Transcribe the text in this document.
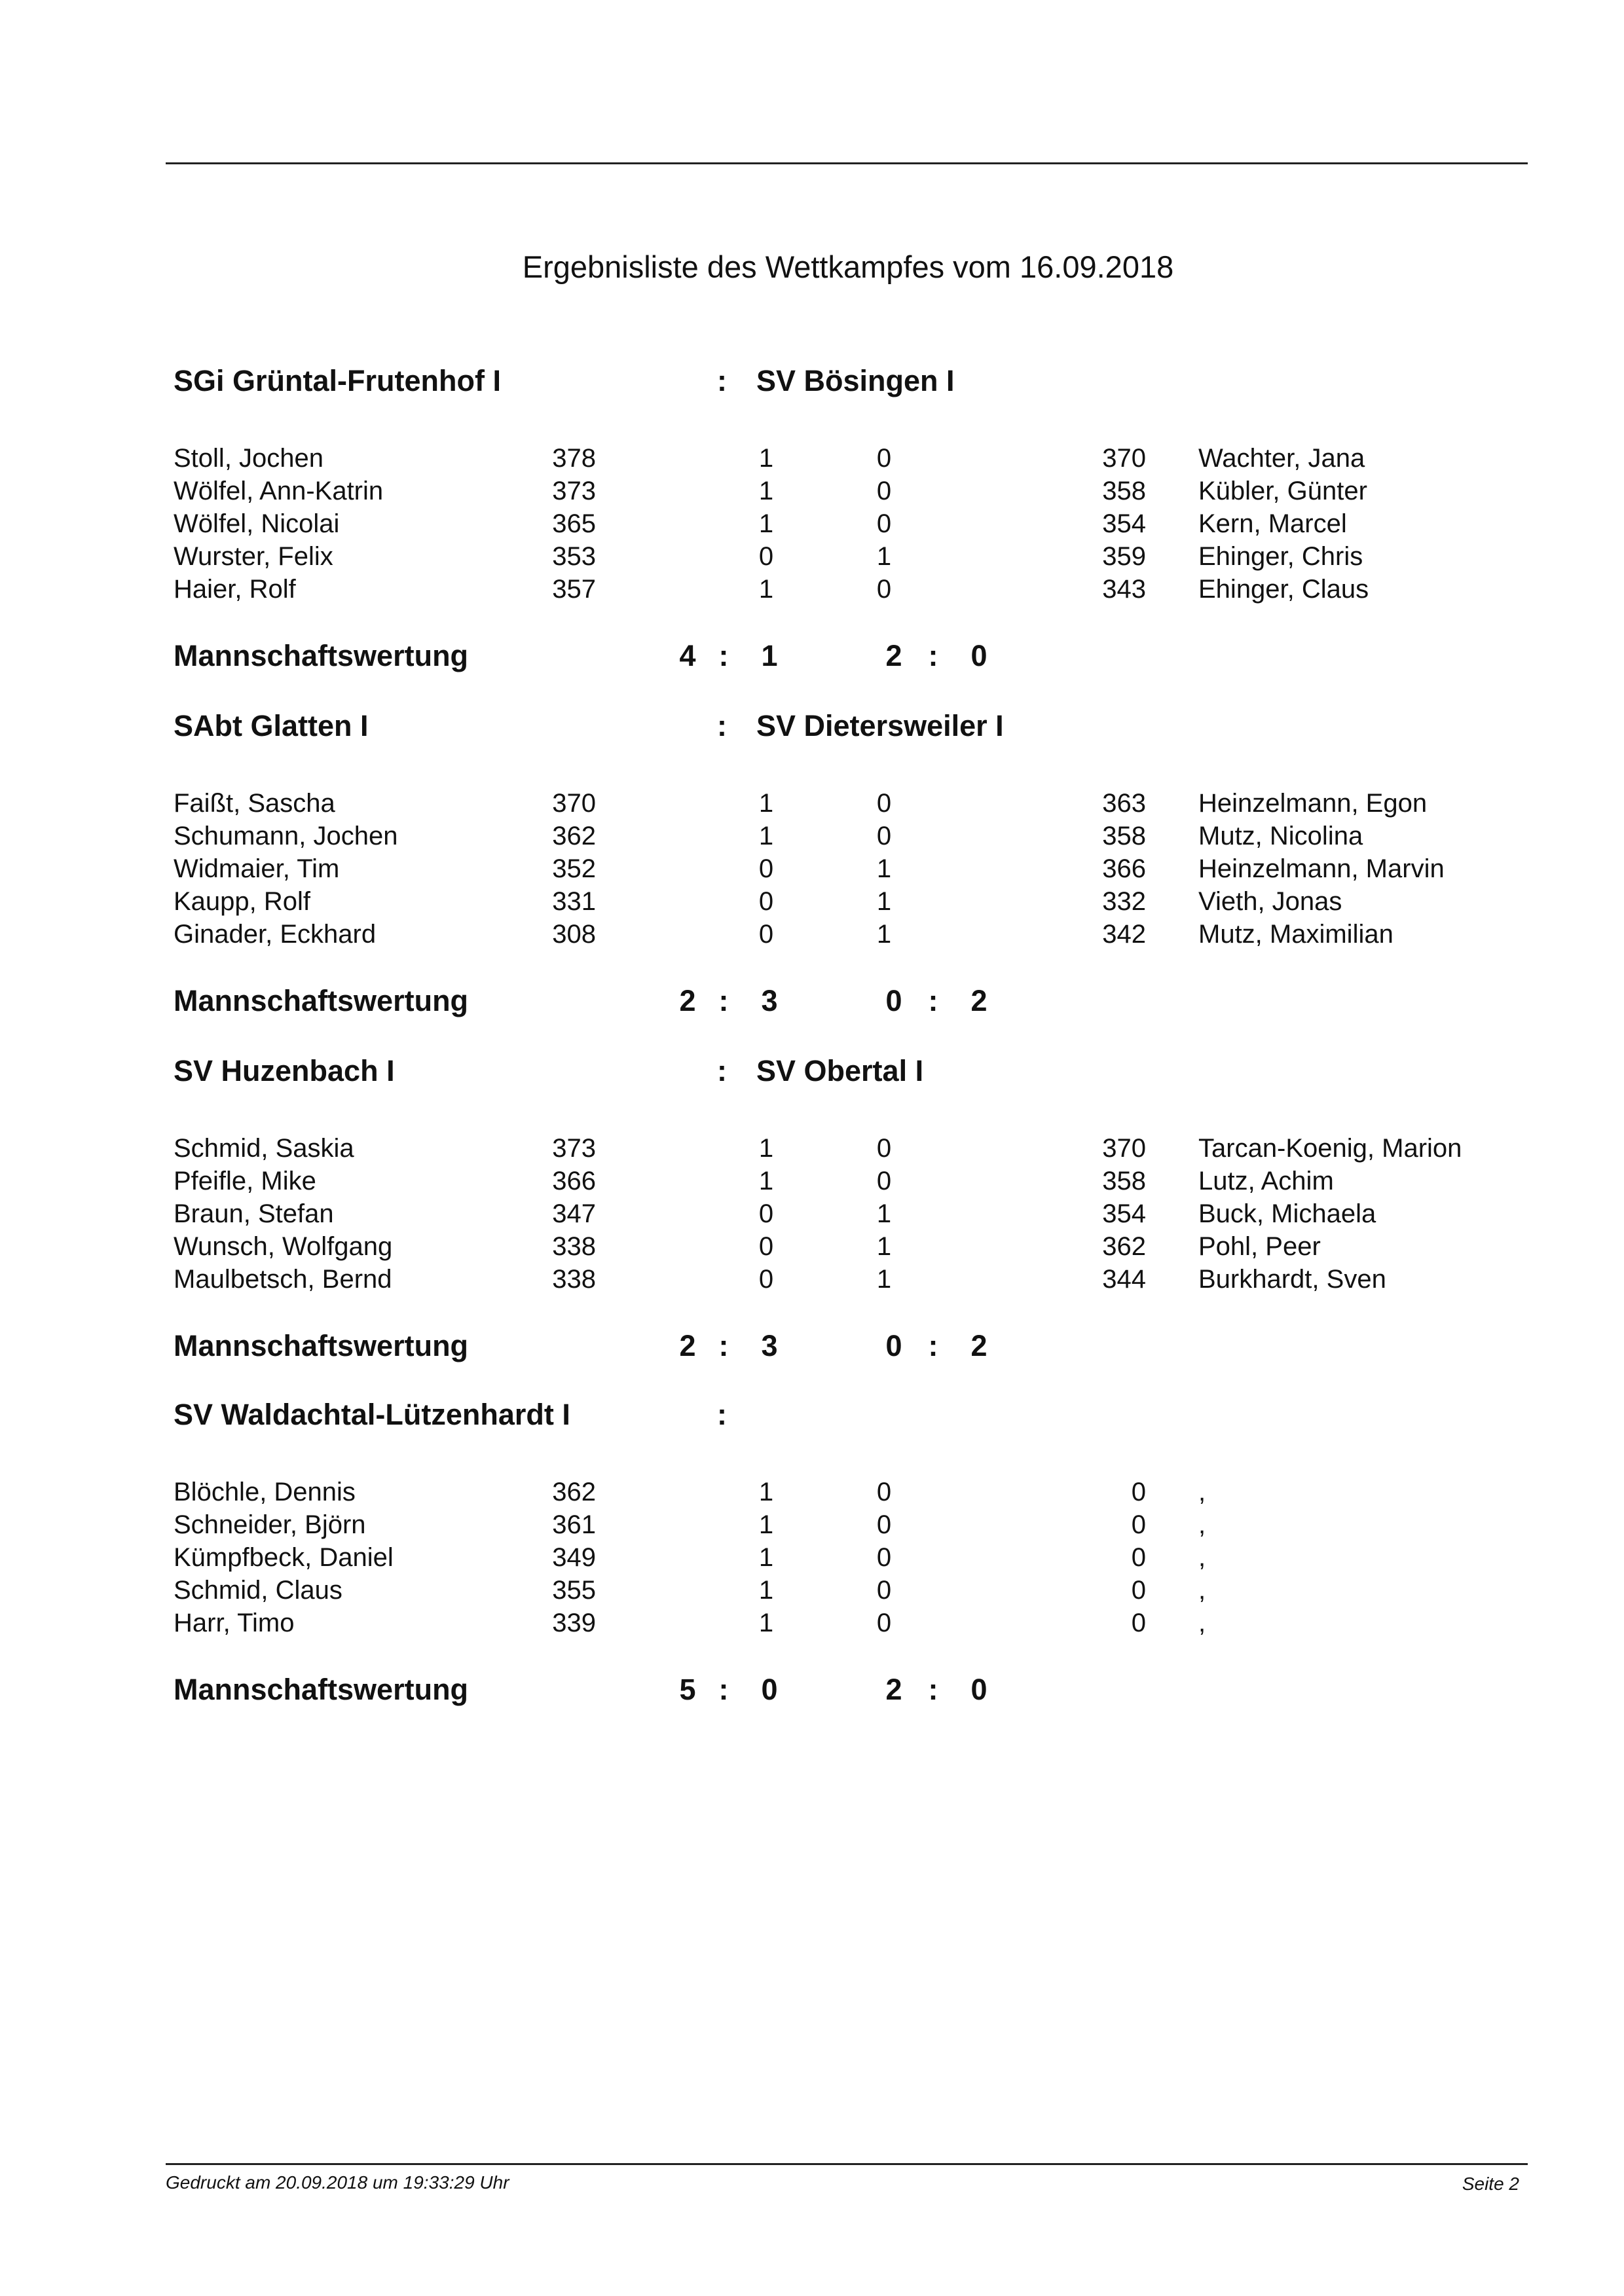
Ergebnisliste des Wettkampfes vom 16.09.2018
SGi Grüntal-Frutenhof I	: SV Bösingen I
Stoll, Jochen	378	1	0	370 Wachter, Jana
Wölfel, Ann-Katrin	373	1	0	358 Kübler, Günter
Wölfel, Nicolai	365	1	0	354 Kern, Marcel
Wurster, Felix	353	0	1	359 Ehinger, Chris
Haier, Rolf	357	1	0	343 Ehinger, Claus
Mannschaftswertung	4 : 1	2 : 0
SAbt Glatten I	: SV Dietersweiler I
Faißt, Sascha	370	1	0	363 Heinzelmann, Egon
Schumann, Jochen	362	1	0	358 Mutz, Nicolina
Widmaier, Tim	352	0	1	366 Heinzelmann, Marvin
Kaupp, Rolf	331	0	1	332 Vieth, Jonas
Ginader, Eckhard	308	0	1	342 Mutz, Maximilian
Mannschaftswertung	2 : 3	0 : 2
SV Huzenbach I	: SV Obertal I
Schmid, Saskia	373	1	0	370 Tarcan-Koenig, Marion
Pfeifle, Mike	366	1	0	358 Lutz, Achim
Braun, Stefan	347	0	1	354 Buck, Michaela
Wunsch, Wolfgang	338	0	1	362 Pohl, Peer
Maulbetsch, Bernd	338	0	1	344 Burkhardt, Sven
Mannschaftswertung	2 : 3	0 : 2
SV Waldachtal-Lützenhardt I	:
Blöchle, Dennis	362	1	0	0 ,
Schneider, Björn	361	1	0	0 ,
Kümpfbeck, Daniel	349	1	0	0 ,
Schmid, Claus	355	1	0	0 ,
Harr, Timo	339	1	0	0 ,
Mannschaftswertung	5 : 0	2 : 0
Gedruckt am 20.09.2018 um 19:33:29 Uhr	Seite 2
